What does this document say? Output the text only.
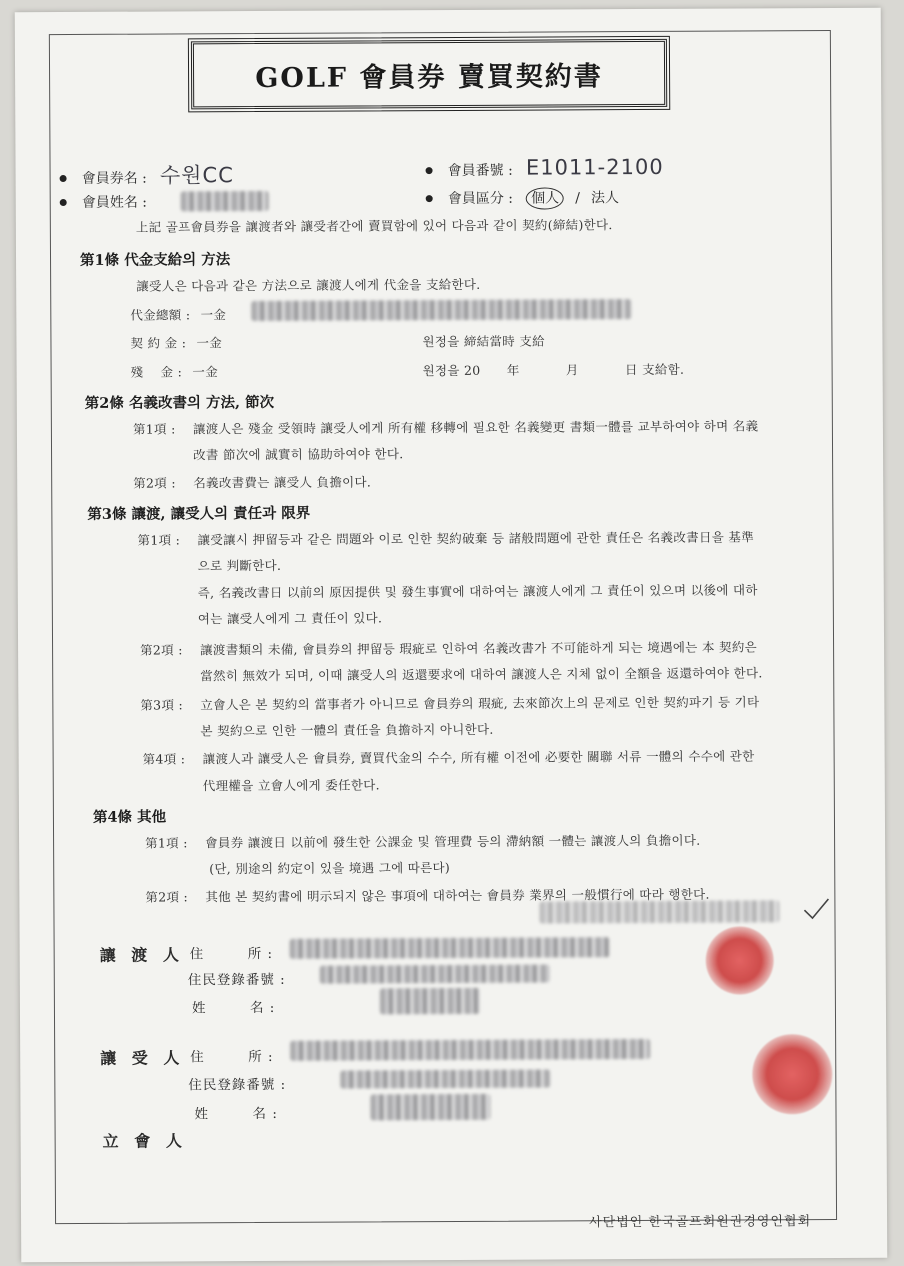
GOLF 會員券 賣買契約書
會員券名 : 수원CC	會員番號 : E1011-2100
會員姓名 :	會員區分 : 個人 / 法人
上記 골프會員券을 讓渡者와 讓受者간에 賣買함에 있어 다음과 같이 契約(締結)한다.
第1條 代金支給의 方法
讓受人은 다음과 같은 方法으로 讓渡人에게 代金을 支給한다.
代金總額 : 一金
契 約 金 : 一金	원정을 締結當時 支給
殘　 金 : 一金	원정을 20 年	月	日 支給함.
第2條 名義改書의 方法, 節次
第1項 : 讓渡人은 殘金 受領時 讓受人에게 所有權 移轉에 필요한 名義變更 書類一體를 교부하여야 하며 名義
改書 節次에 誠實히 協助하여야 한다.
第2項 : 名義改書費는 讓受人 負擔이다.
第3條 讓渡, 讓受人의 責任과 限界
第1項 : 讓受讓시 押留등과 같은 問題와 이로 인한 契約破棄 등 諸般問題에 관한 責任은 名義改書日을 基準
으로 判斷한다.
즉, 名義改書日 以前의 原因提供 및 發生事實에 대하여는 讓渡人에게 그 責任이 있으며 以後에 대하
여는 讓受人에게 그 責任이 있다.
第2項 : 讓渡書類의 未備, 會員券의 押留등 瑕疵로 인하여 名義改書가 不可能하게 되는 境遇에는 本 契約은
當然히 無效가 되며, 이때 讓受人의 返還要求에 대하여 讓渡人은 지체 없이 全額을 返還하여야 한다.
第3項 : 立會人은 본 契約의 當事者가 아니므로 會員券의 瑕疵, 去來節次上의 문제로 인한 契約파기 등 기타
본 契約으로 인한 一體의 責任을 負擔하지 아니한다.
第4項 : 讓渡人과 讓受人은 會員券, 賣買代金의 수수, 所有權 이전에 必要한 關聯 서류 一體의 수수에 관한
代理權을 立會人에게 委任한다.
第4條 其他
第1項 : 會員券 讓渡日 以前에 發生한 公課金 및 管理費 등의 滯納額 一體는 讓渡人의 負擔이다.
(단, 別途의 約定이 있을 境遇 그에 따른다)
第2項 : 其他 본 契約書에 明示되지 않은 事項에 대하여는 會員券 業界의 一般慣行에 따라 행한다.
讓 渡 人 住　　　所 :
住民登錄番號 :
姓　　　名 :
讓 受 人 住　　　所 :
住民登錄番號 :
姓　　　名 :
立 會 人
사단법인 한국골프회원권경영인협회
